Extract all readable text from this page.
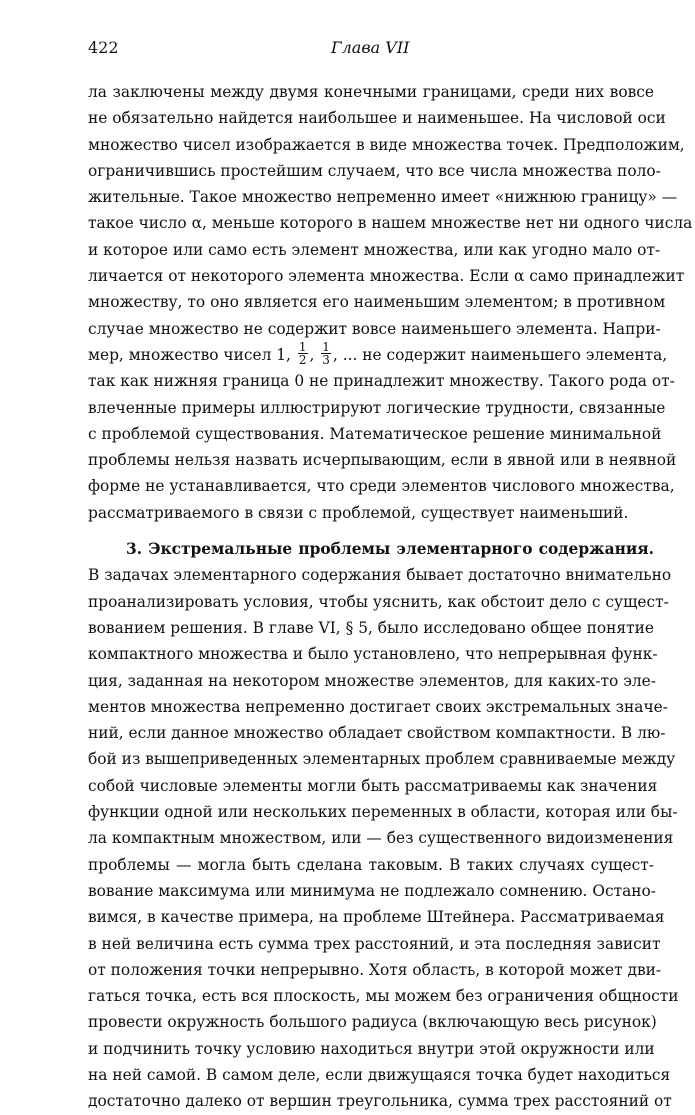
422	Глава VII
ла заключены между двумя конечными границами, среди них вовсе
не обязательно найдется наибольшее и наименьшее. На числовой оси
множество чисел изображается в виде множества точек. Предположим,
ограничившись простейшим случаем, что все числа множества поло-
жительные. Такое множество непременно имеет «нижнюю границу» —
такое число α, меньше которого в нашем множестве нет ни одного числа
и которое или само есть элемент множества, или как угодно мало от-
личается от некоторого элемента множества. Если α само принадлежит
множеству, то оно является его наименьшим элементом; в противном
случае множество не содержит вовсе наименьшего элемента. Напри-
мер, множество чисел 1, $\frac{1}{2}$ , $\frac{1}{3}$ , ... не содержит наименьшего элемента,
так как нижняя граница 0 не принадлежит множеству. Такого рода от-
влеченные примеры иллюстрируют логические трудности, связанные
с проблемой существования. Математическое решение минимальной
проблемы нельзя назвать исчерпывающим, если в явной или в неявной
форме не устанавливается, что среди элементов числового множества,
рассматриваемого в связи с проблемой, существует наименьший.
3. Экстремальные проблемы элементарного содержания.
В задачах элементарного содержания бывает достаточно внимательно
проанализировать условия, чтобы уяснить, как обстоит дело с сущест-
вованием решения. В главе VI, § 5, было исследовано общее понятие
компактного множества и было установлено, что непрерывная функ-
ция, заданная на некотором множестве элементов, для каких-то эле-
ментов множества непременно достигает своих экстремальных значе-
ний, если данное множество обладает свойством компактности. В лю-
бой из вышеприведенных элементарных проблем сравниваемые между
собой числовые элементы могли быть рассматриваемы как значения
функции одной или нескольких переменных в области, которая или бы-
ла компактным множеством, или — без существенного видоизменения
проблемы — могла быть сделана таковым. В таких случаях сущест-
вование максимума или минимума не подлежало сомнению. Остано-
вимся, в качестве примера, на проблеме Штейнера. Рассматриваемая
в ней величина есть сумма трех расстояний, и эта последняя зависит
от положения точки непрерывно. Хотя область, в которой может дви-
гаться точка, есть вся плоскость, мы можем без ограничения общности
провести окружность большого радиуса (включающую весь рисунок)
и подчинить точку условию находиться внутри этой окружности или
на ней самой. В самом деле, если движущаяся точка будет находиться
достаточно далеко от вершин треугольника, сумма трех расстояний от
